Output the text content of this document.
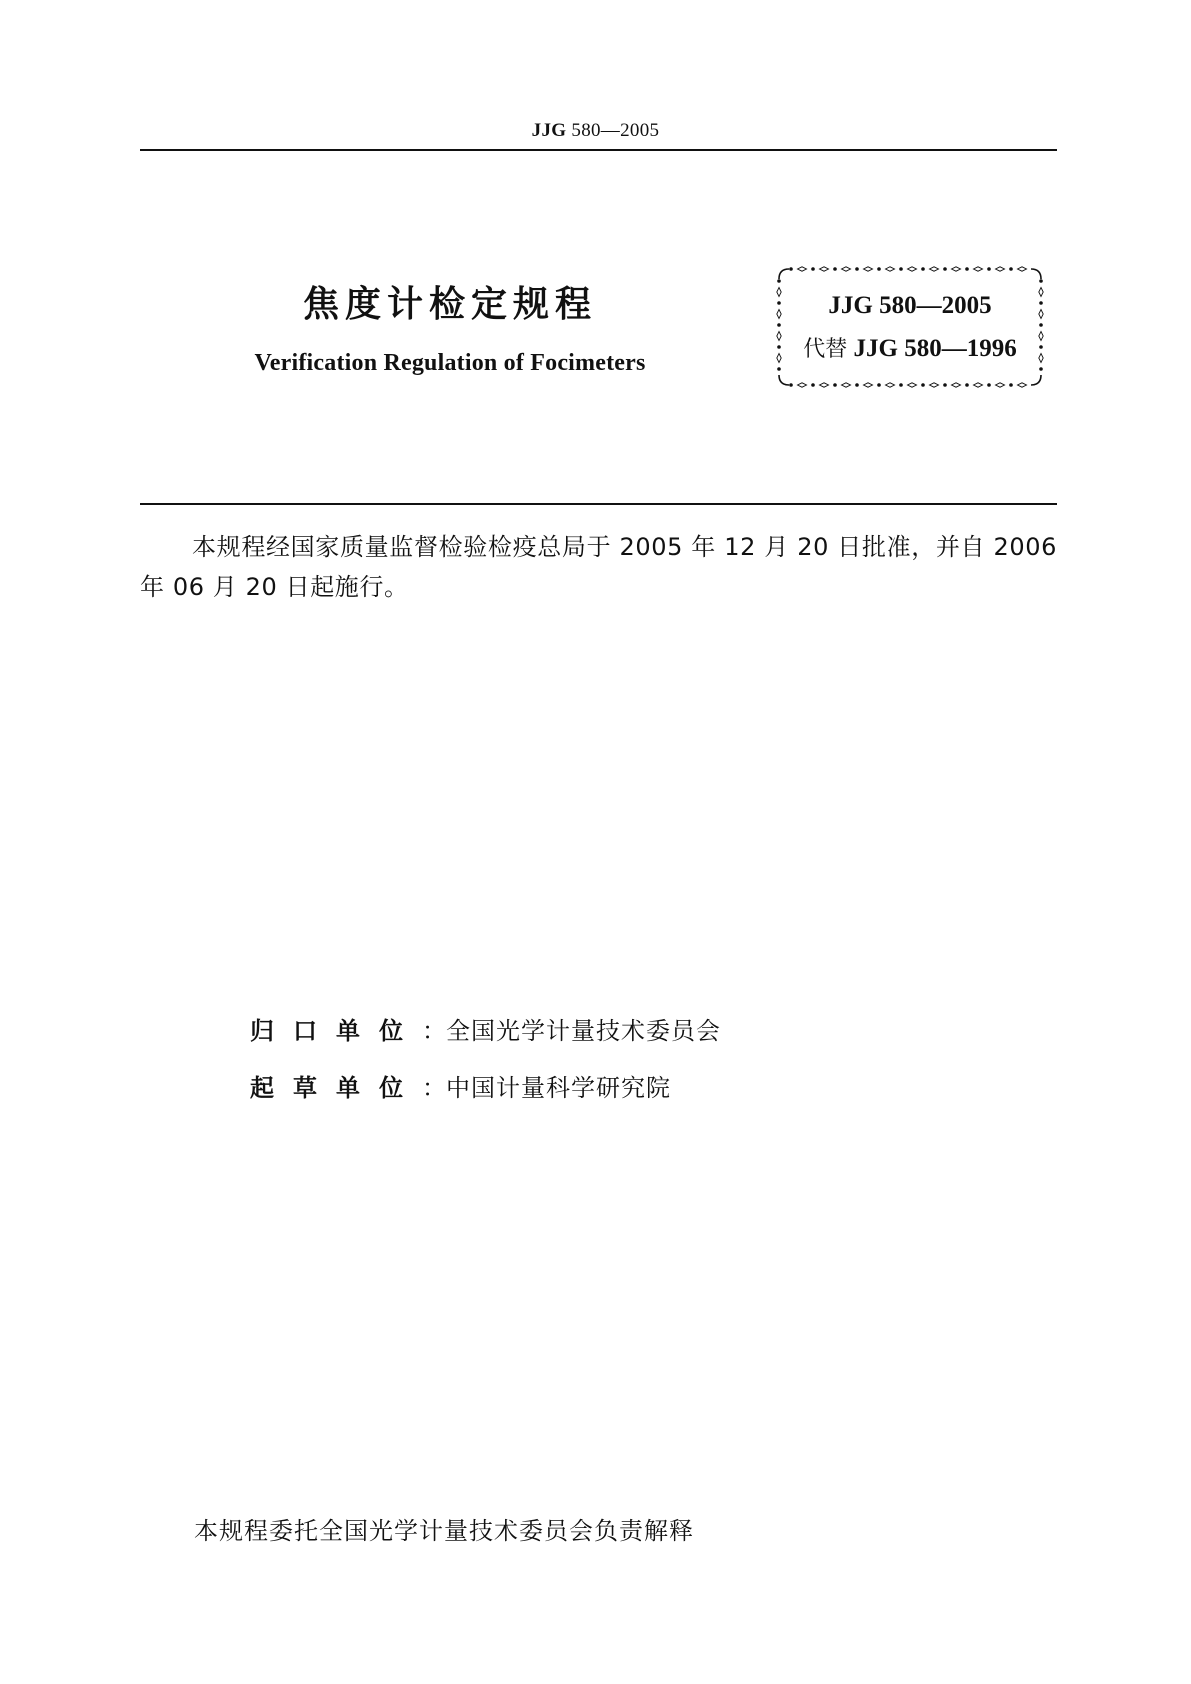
JJG 580—2005
焦度计检定规程
Verification Regulation of Focimeters
JJG 580—2005
代替 JJG 580—1996
本规程经国家质量监督检验检疫总局于 2005 年 12 月 20 日批准，并自 2006 年 06 月 20 日起施行。
归口单位：全国光学计量技术委员会
起草单位：中国计量科学研究院
本规程委托全国光学计量技术委员会负责解释
